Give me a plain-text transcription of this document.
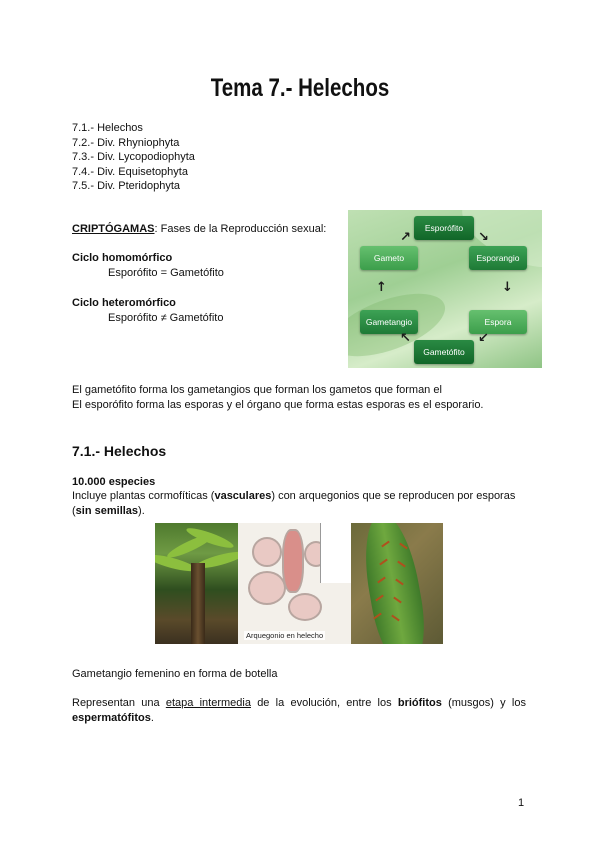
Tema 7.- Helechos
7.1.- Helechos
7.2.- Div. Rhyniophyta
7.3.- Div. Lycopodiophyta
7.4.- Div. Equisetophyta
7.5.- Div. Pteridophyta
CRIPTÓGAMAS: Fases de la Reproducción sexual:
Ciclo homomórfico
Esporófito = Gametófito
Ciclo heteromórfico
Esporófito ≠ Gametófito
Esporófito
Esporangio
Espora
Gametófito
Gametangio
Gameto
↗	↘
↓
↙
↖
↑
El gametófito forma los gametangios que forman los gametos que forman el
El esporófito forma las esporas y el órgano que forma estas esporas es el esporario.
7.1.- Helechos
10.000 especies
Incluye plantas cormofíticas (vasculares) con arquegonios que se reproducen por esporas
(sin semillas).
Arquegonio en helecho
Gametangio femenino en forma de botella
Representan una etapa intermedia de la evolución, entre los briófitos (musgos) y los
espermatófitos.
1
